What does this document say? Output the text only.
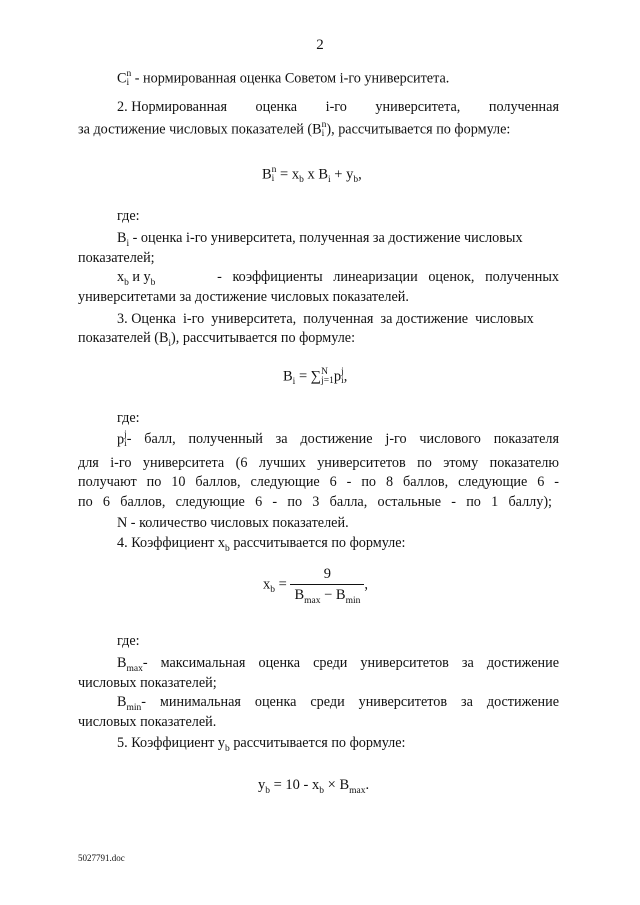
2
C n
i - нормированная оценка Советом i-го университета.
2. Нормированная оценка i-го университета, полученная
за достижение числовых показателей (B n
i ), рассчитывается по формуле:
B n
$i = x_b$ x $B_i + y_b$,
где:
$B_i$ - оценка i-го университета, полученная за достижение числовых
показателей;
$x_b$ и $y_b$	-   коэффициенты   линеаризации   оценок,   полученных
университетами за достижение числовых показателей.
3. Оценка  i-го  университета,  полученная  за достижение  числовых
показателей $(B_i)$, рассчитывается по формуле:
$B_i$ = ∑ N
j=1 p j
i ,
где:
p j
i - балл, полученный за достижение j-го числового показателя
для i-го университета (6 лучших университетов по этому показателю
получают по 10 баллов, следующие 6 - по 8 баллов, следующие 6 -
по 6 баллов, следующие 6 - по 3 балла, остальные - по 1 баллу);
N - количество числовых показателей.
4. Коэффициент $x_b$ рассчитывается по формуле:
$x_b = \frac{9}{B_{max} - B_{min}}$ ,
где:
$B_{max}$ - максимальная оценка среди университетов за достижение
числовых показателей;
$B_{min}$ - минимальная оценка среди университетов за достижение
числовых показателей.
5. Коэффициент $y_b$ рассчитывается по формуле:
$y_b = 10 - x_b \times B_{max}$.
5027791.doc
